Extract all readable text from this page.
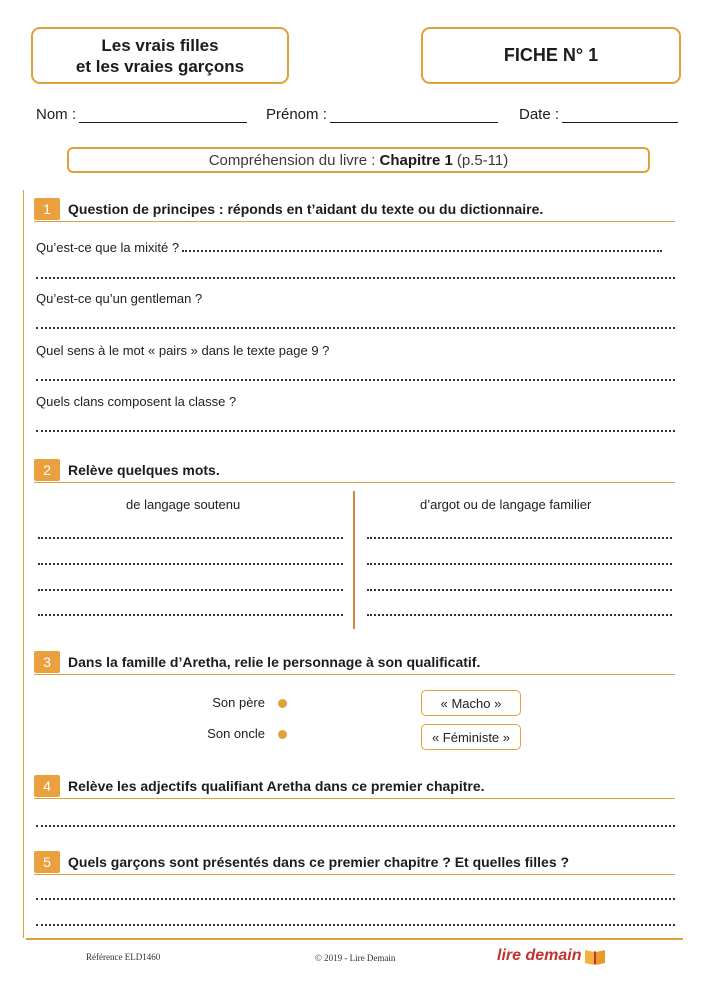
Les vrais filles
et les vraies garçons
FICHE N° 1
Nom :	Prénom :	Date :
Compréhension du livre : Chapitre 1 (p.5-11)
1	Question de principes : réponds en t’aidant du texte ou du dictionnaire.
Qu’est-ce que la mixité ?
Qu’est-ce qu’un gentleman ?
Quel sens à le mot « pairs » dans le texte page 9 ?
Quels clans composent la classe ?
2	Relève quelques mots.
de langage soutenu	d’argot ou de langage familier
3	Dans la famille d’Aretha, relie le personnage à son qualificatif.
Son père
Son oncle
« Macho »
« Féministe »
4	Relève les adjectifs qualifiant Aretha dans ce premier chapitre.
5	Quels garçons sont présentés dans ce premier chapitre ? Et quelles filles ?
Référence ELD1460	© 2019 - Lire Demain	lire demain
